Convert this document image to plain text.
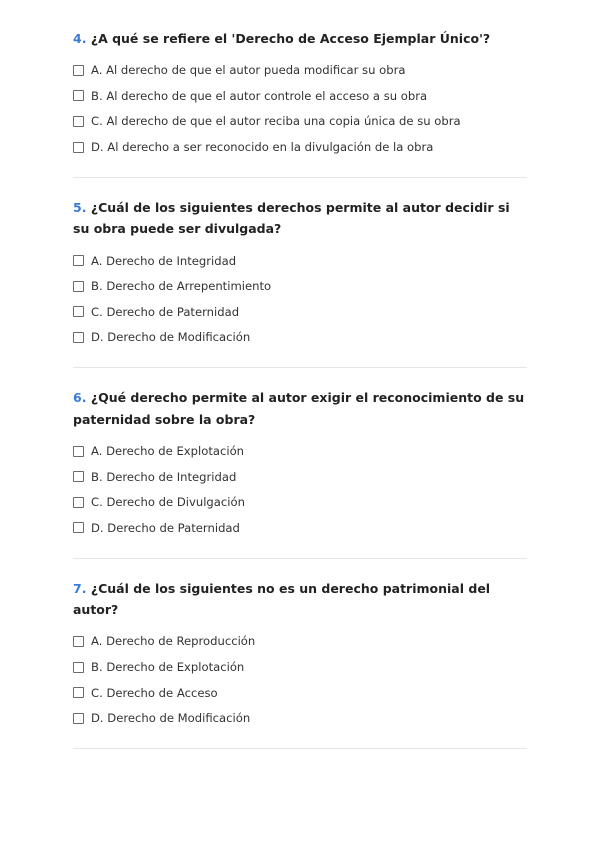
4. ¿A qué se refiere el 'Derecho de Acceso Ejemplar Único'?

A. Al derecho de que el autor pueda modificar su obra
B. Al derecho de que el autor controle el acceso a su obra
C. Al derecho de que el autor reciba una copia única de su obra
D. Al derecho a ser reconocido en la divulgación de la obra

5. ¿Cuál de los siguientes derechos permite al autor decidir si su obra puede ser divulgada?

A. Derecho de Integridad
B. Derecho de Arrepentimiento
C. Derecho de Paternidad
D. Derecho de Modificación

6. ¿Qué derecho permite al autor exigir el reconocimiento de su paternidad sobre la obra?

A. Derecho de Explotación
B. Derecho de Integridad
C. Derecho de Divulgación
D. Derecho de Paternidad

7. ¿Cuál de los siguientes no es un derecho patrimonial del autor?

A. Derecho de Reproducción
B. Derecho de Explotación
C. Derecho de Acceso
D. Derecho de Modificación
